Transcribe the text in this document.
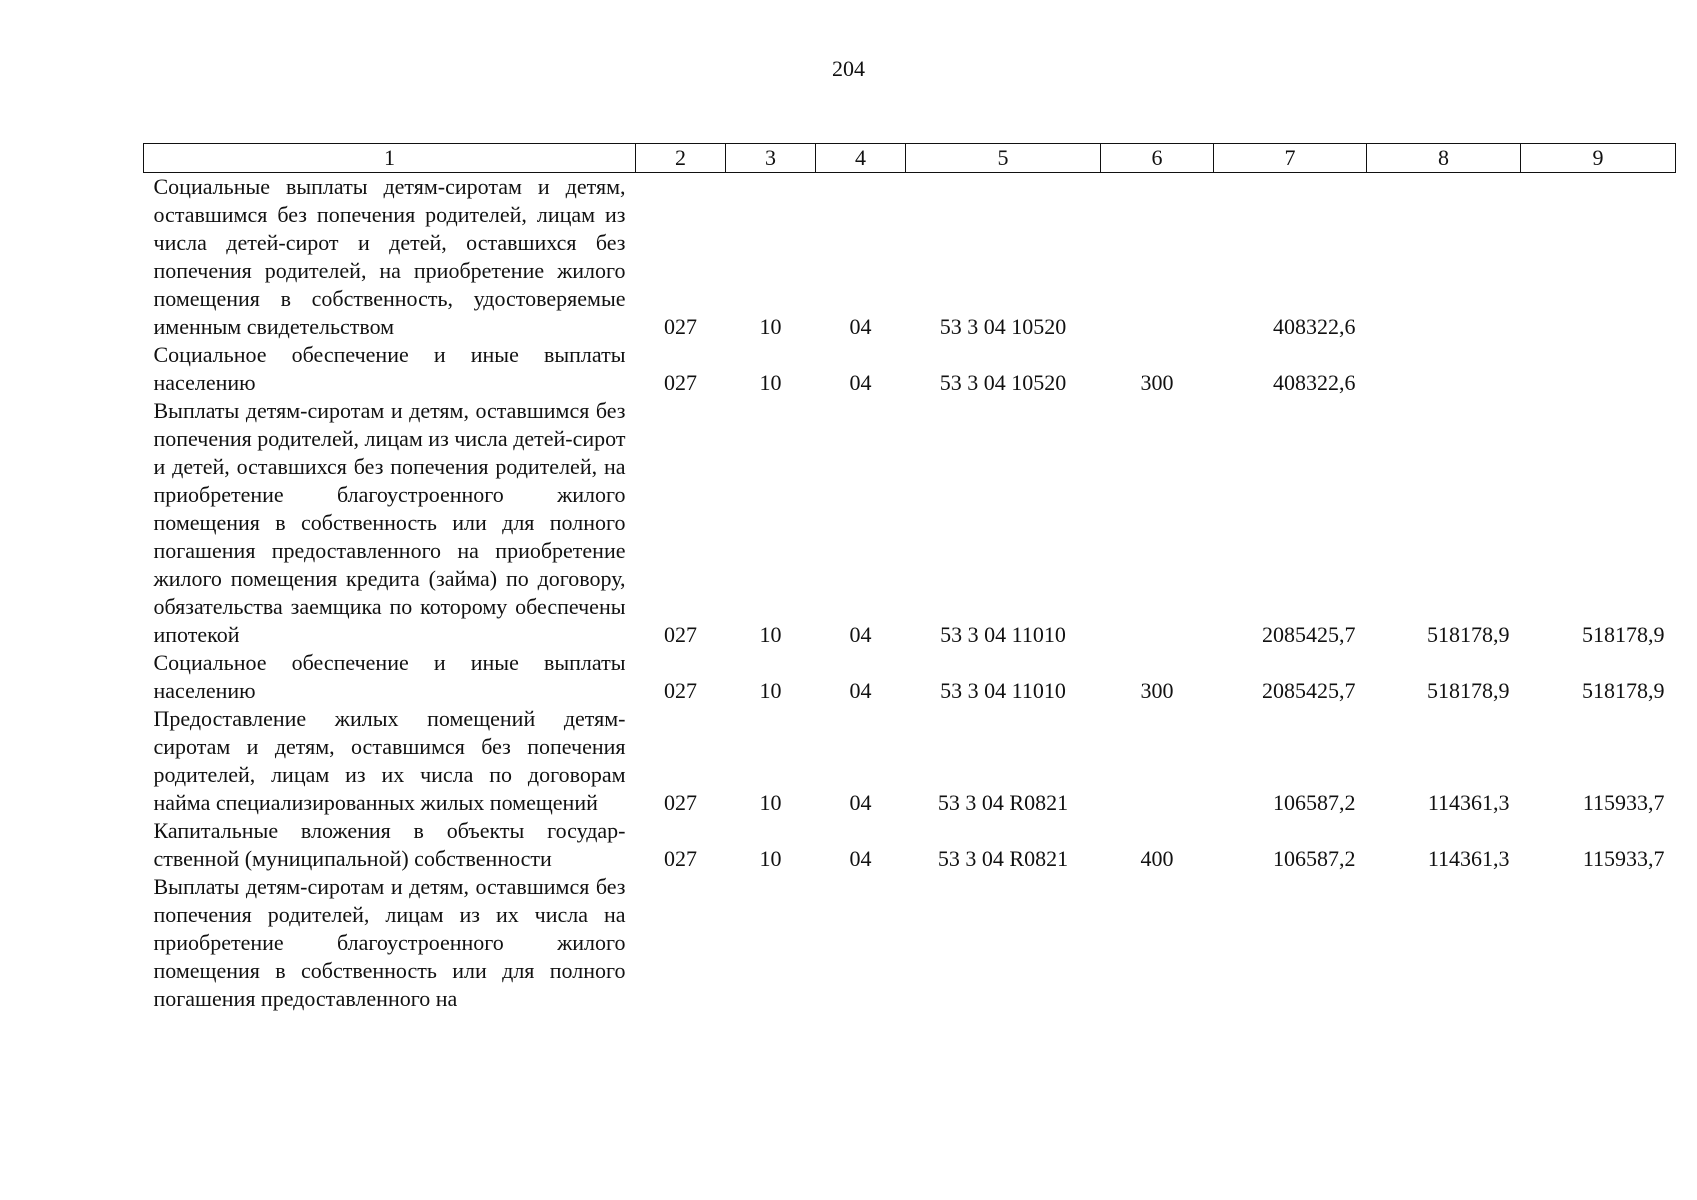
204
1	2	3	4	5	6	7	8	9
Социальные выплаты детям-сиротам и детям, оставшимся без попечения родителей, лицам из числа детей-сирот и детей, оставшихся без попечения родителей, на приобретение жилого помещения в собственность, удостоверяемые именным свидетельством	027	10	04	53 3 04 10520		408322,6		
Социальное обеспечение и иные выплаты населению	027	10	04	53 3 04 10520	300	408322,6		
Выплаты детям-сиротам и детям, оставшимся без попечения родителей, лицам из числа детей-сирот и детей, оставшихся без попечения родителей, на приобретение благоустроенного жилого помещения в собственность или для полного погашения предоставленного на приобретение жилого помещения кредита (займа) по договору, обязательства заемщика по которому обеспечены ипотекой	027	10	04	53 3 04 11010		2085425,7	518178,9	518178,9
Социальное обеспечение и иные выплаты населению	027	10	04	53 3 04 11010	300	2085425,7	518178,9	518178,9
Предоставление жилых помещений детям-сиротам и детям, оставшимся без попечения родителей, лицам из их числа по договорам найма специализированных жилых помещений	027	10	04	53 3 04 R0821		106587,2	114361,3	115933,7
Капитальные вложения в объекты государственной (муниципальной) собственности	027	10	04	53 3 04 R0821	400	106587,2	114361,3	115933,7
Выплаты детям-сиротам и детям, оставшимся без попечения родителей, лицам из их числа на приобретение благоустроенного жилого помещения в собственность или для полного погашения предоставленного на								
